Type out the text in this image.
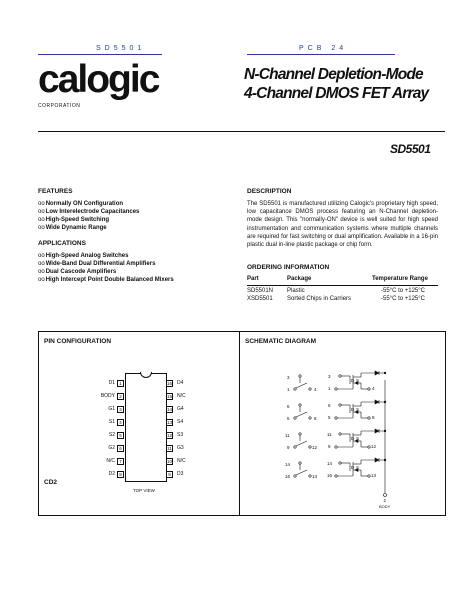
SD5501	PCB 24
calogic
CORPORATION
N-Channel Depletion-Mode
4-Channel DMOS FET Array
SD5501
FEATURES
ooNormally ON Configuration
ooLow Interelectrode Capacitances
ooHigh-Speed Switching
ooWide Dynamic Range
APPLICATIONS
ooHigh-Speed Analog Switches
ooWide-Band Dual Differential Amplifiers
ooDual Cascode Amplifiers
ooHigh Intercept Point Double Balanced Mixers
DESCRIPTION
The SD5501 is manufactured utilizing Calogic's proprietary high speed, low capacitance DMOS process featuring an N-Channel depletion-mode design. This "normally-ON" device is well suited for high speed instrumentation and communication systems where multiple channels are required for fast switching or dual amplification. Available in a 16-pin plastic dual in-line plastic package or chip form.
ORDERING INFORMATION
Part	Package	Temperature Range
SD5501N Plastic	-55°C to +125°C
XSD5501 Sorted Chips in Carriers	-55°C to +125°C
PIN CONFIGURATION	SCHEMATIC DIAGRAM
D1 1
BODY 2
G1 3
S1 4
S2 5
G2 6
N/C 7
D2 8
16 D4
15 N/C
14 G4
13 S4
12 S3
11 G3
10 N/C
9	D3
TOP VIEW
CD2
2
BODY
3
1	4
6
5	8
11
9	12
14
16	13
3
1
D S
4
6
5
D S
8
11
9
D S
12
14
16
D S
13
